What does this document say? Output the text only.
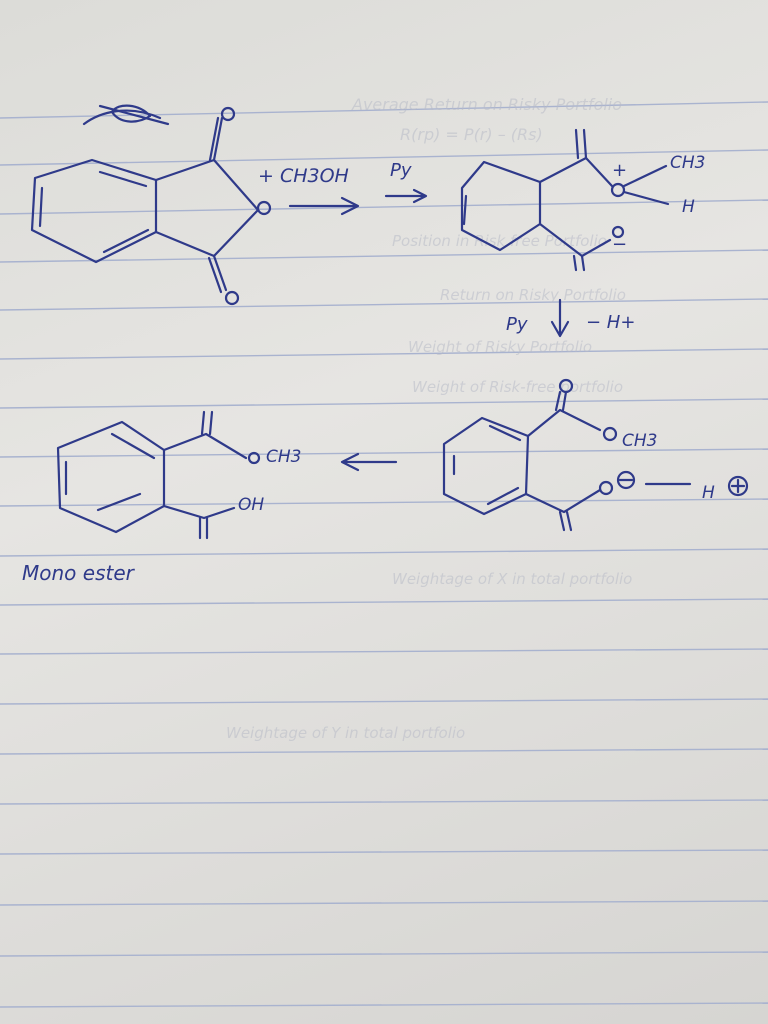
Average Return on Risky Portfolio
R(rp) = P(r) – (Rs)
Position in Risk free Portfolio
Return on Risky Portfolio
Weight of Risky Portfolio
Weight of Risk-free portfolio
Weightage of X in total portfolio
Weightage of Y in total portfolio
+ CH3OH Py	+
−
CH3
H
Py	− H+
CH3
H
CH3
OH
Mono ester
